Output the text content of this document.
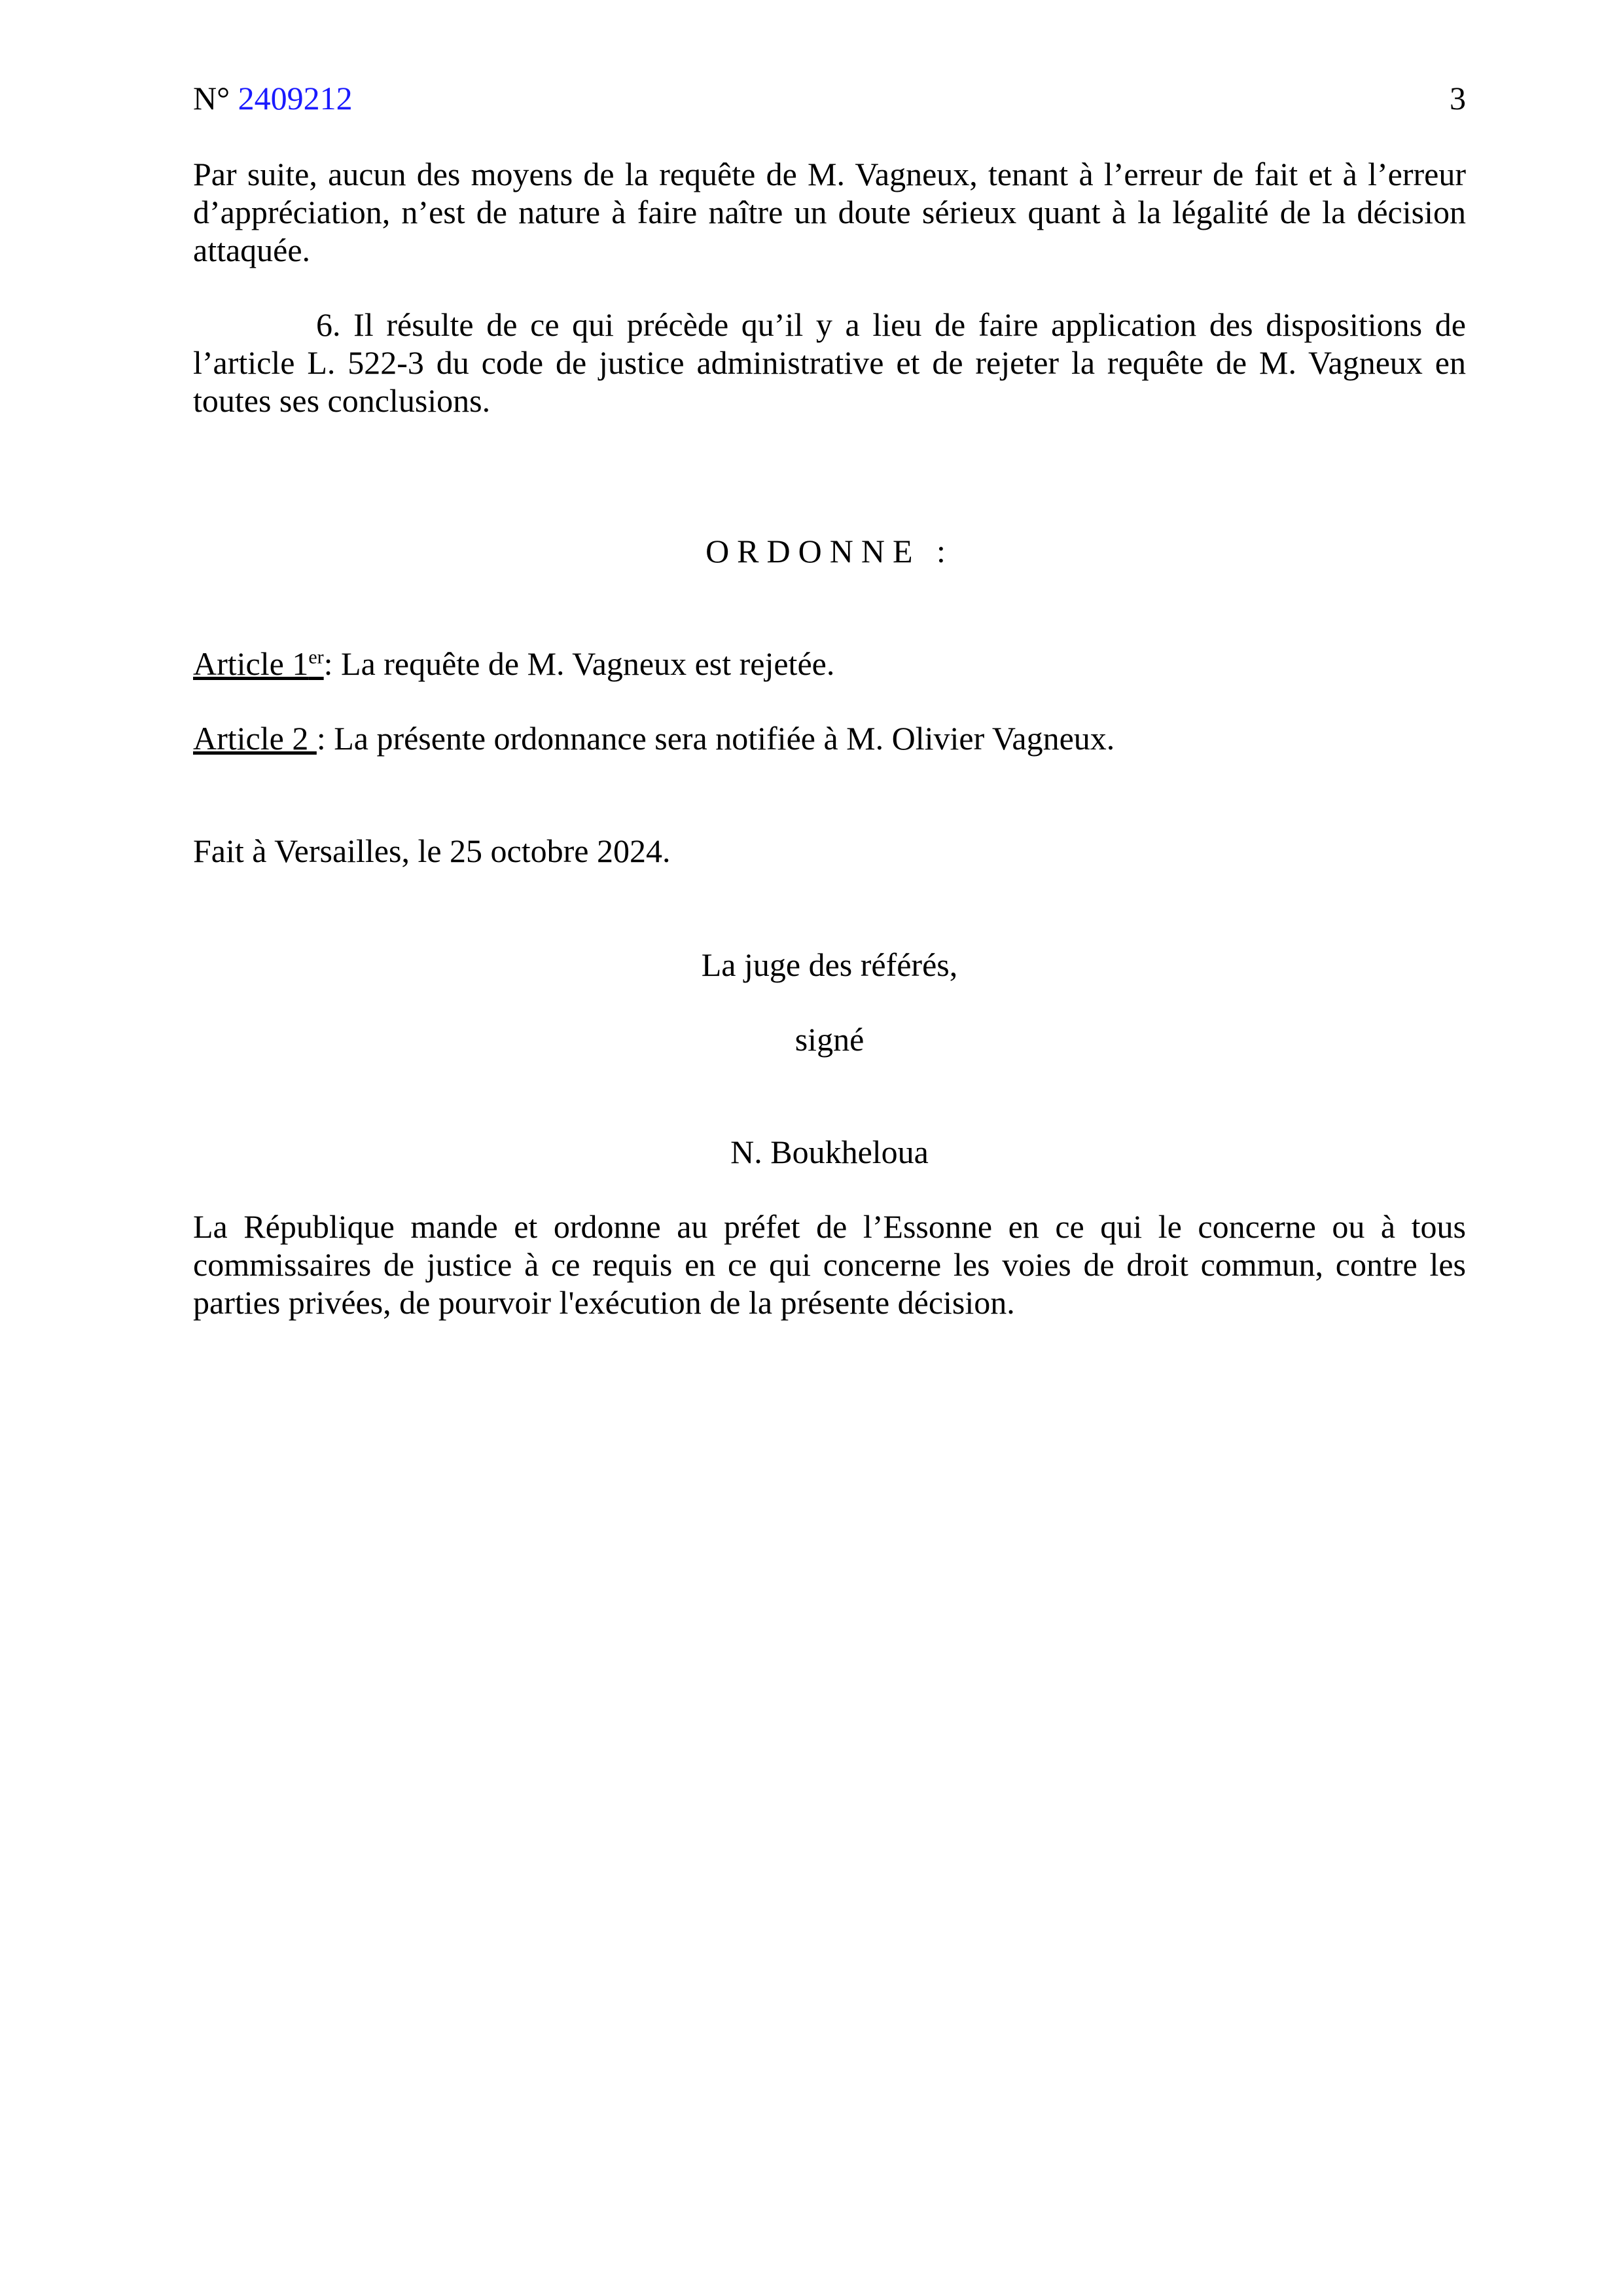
N° 2409212	3

Par suite, aucun des moyens de la requête de M. Vagneux, tenant à l’erreur de fait et à l’erreur d’appréciation, n’est de nature à faire naître un doute sérieux quant à la légalité de la décision attaquée.

6. Il résulte de ce qui précède qu’il y a lieu de faire application des dispositions de l’article L. 522-3 du code de justice administrative et de rejeter la requête de M. Vagneux en toutes ses conclusions.

ORDONNE :
Article 1er: La requête de M. Vagneux est rejetée.
Article 2 : La présente ordonnance sera notifiée à M. Olivier Vagneux.
Fait à Versailles, le 25 octobre 2024.
La juge des référés,
signé
N. Boukheloua

La République mande et ordonne au préfet de l’Essonne en ce qui le concerne ou à tous commissaires de justice à ce requis en ce qui concerne les voies de droit commun, contre les parties privées, de pourvoir l'exécution de la présente décision.
